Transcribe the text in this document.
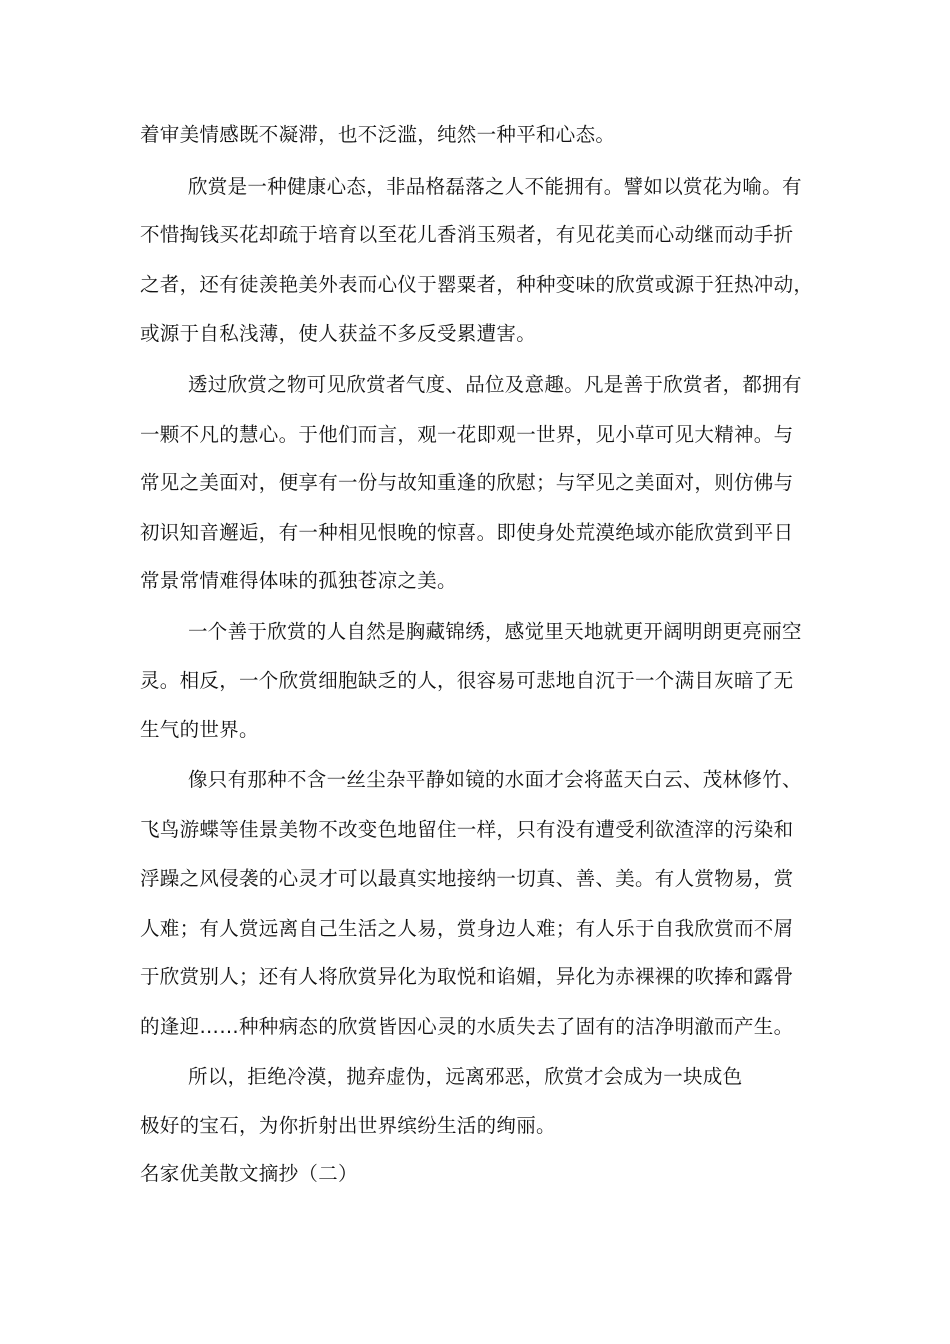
着审美情感既不凝滞，也不泛滥，纯然一种平和心态。
欣赏是一种健康心态，非品格磊落之人不能拥有。譬如以赏花为喻。有
不惜掏钱买花却疏于培育以至花儿香消玉殒者，有见花美而心动继而动手折
之者，还有徒羡艳美外表而心仪于罂粟者，种种变味的欣赏或源于狂热冲动，
或源于自私浅薄，使人获益不多反受累遭害。
透过欣赏之物可见欣赏者气度、品位及意趣。凡是善于欣赏者，都拥有
一颗不凡的慧心。于他们而言，观一花即观一世界，见小草可见大精神。与
常见之美面对，便享有一份与故知重逢的欣慰；与罕见之美面对，则仿佛与
初识知音邂逅，有一种相见恨晚的惊喜。即使身处荒漠绝域亦能欣赏到平日
常景常情难得体味的孤独苍凉之美。
一个善于欣赏的人自然是胸藏锦绣，感觉里天地就更开阔明朗更亮丽空
灵。相反，一个欣赏细胞缺乏的人，很容易可悲地自沉于一个满目灰暗了无
生气的世界。
像只有那种不含一丝尘杂平静如镜的水面才会将蓝天白云、茂林修竹、
飞鸟游蝶等佳景美物不改变色地留住一样，只有没有遭受利欲渣滓的污染和
浮躁之风侵袭的心灵才可以最真实地接纳一切真、善、美。有人赏物易，赏
人难；有人赏远离自己生活之人易，赏身边人难；有人乐于自我欣赏而不屑
于欣赏别人；还有人将欣赏异化为取悦和谄媚，异化为赤裸裸的吹捧和露骨
的逢迎……种种病态的欣赏皆因心灵的水质失去了固有的洁净明澈而产生。
所以，拒绝冷漠，抛弃虚伪，远离邪恶，欣赏才会成为一块成色
极好的宝石，为你折射出世界缤纷生活的绚丽。
名家优美散文摘抄（二）
